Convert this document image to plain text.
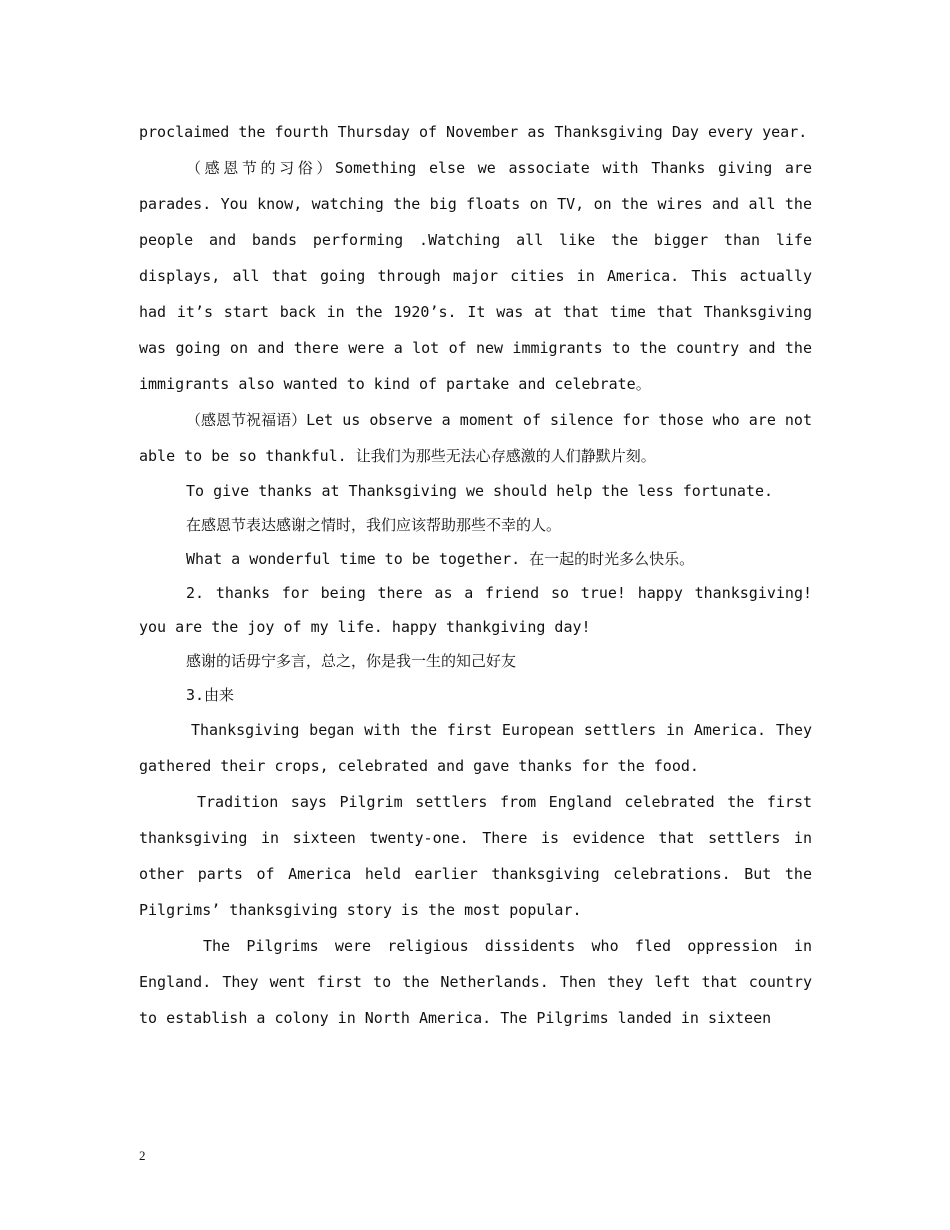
proclaimed the fourth Thursday of November as Thanksgiving Day every year.

（感恩节的习俗）Something else we associate with Thanks giving are parades. You know, watching the big floats on TV, on the wires and all the people and bands performing .Watching all like the bigger than life displays, all that going through major cities in America. This actually had it’s start back in the 1920’s. It was at that time that Thanksgiving was going on and there were a lot of new immigrants to the country and the immigrants also wanted to kind of partake and celebrate。

（感恩节祝福语）Let us observe a moment of silence for those who are not able to be so thankful. 让我们为那些无法心存感激的人们静默片刻。

To give thanks at Thanksgiving we should help the less fortunate.

在感恩节表达感谢之情时，我们应该帮助那些不幸的人。

What a wonderful time to be together. 在一起的时光多么快乐。

2. thanks for being there as a friend so true! happy thanksgiving! you are the joy of my life. happy thankgiving day!

感谢的话毋宁多言，总之，你是我一生的知己好友

3.由来

Thanksgiving began with the first European settlers in America. They gathered their crops, celebrated and gave thanks for the food.

Tradition says Pilgrim settlers from England celebrated the first thanksgiving in sixteen twenty-one. There is evidence that settlers in other parts of America held earlier thanksgiving celebrations. But the Pilgrims’ thanksgiving story is the most popular.

The Pilgrims were religious dissidents who fled oppression in England. They went first to the Netherlands. Then they left that country to establish a colony in North America. The Pilgrims landed in sixteen

2
